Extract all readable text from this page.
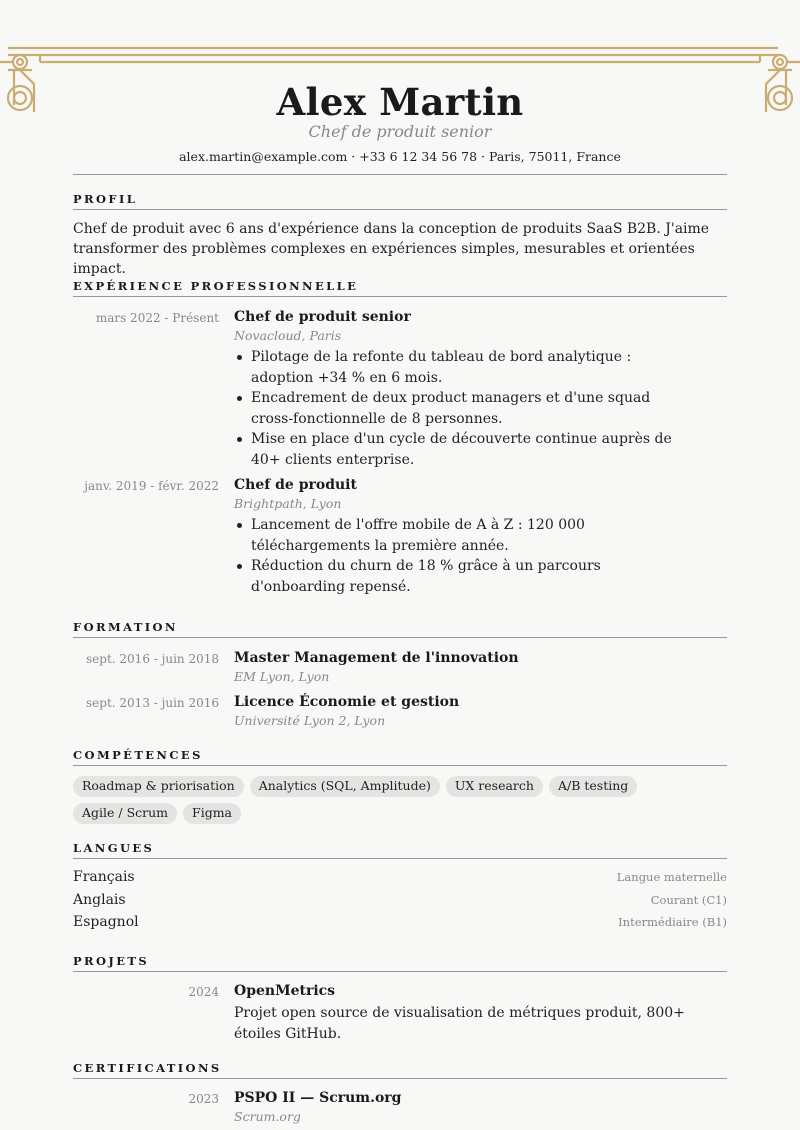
Alex Martin
Chef de produit senior
alex.martin@example.com · +33 6 12 34 56 78 · Paris, 75011, France
PROFIL
Chef de produit avec 6 ans d'expérience dans la conception de produits SaaS B2B. J'aime transformer des problèmes complexes en expériences simples, mesurables et orientées impact.
EXPÉRIENCE PROFESSIONNELLE
mars 2022 - Présent	Chef de produit senior
Novacloud, Paris
Pilotage de la refonte du tableau de bord analytique : adoption +34 % en 6 mois.
Encadrement de deux product managers et d'une squad cross-fonctionnelle de 8 personnes.
Mise en place d'un cycle de découverte continue auprès de 40+ clients enterprise.
janv. 2019 - févr. 2022	Chef de produit
Brightpath, Lyon
Lancement de l'offre mobile de A à Z : 120 000 téléchargements la première année.
Réduction du churn de 18 % grâce à un parcours d'onboarding repensé.
FORMATION
sept. 2016 - juin 2018	Master Management de l'innovation
EM Lyon, Lyon
sept. 2013 - juin 2016	Licence Économie et gestion
Université Lyon 2, Lyon
COMPÉTENCES
Roadmap & priorisation	Analytics (SQL, Amplitude)	UX research	A/B testing
Agile / Scrum	Figma
LANGUES
Français	Langue maternelle
Anglais	Courant (C1)
Espagnol	Intermédiaire (B1)
PROJETS
2024	OpenMetrics
Projet open source de visualisation de métriques produit, 800+ étoiles GitHub.
CERTIFICATIONS
2023	PSPO II — Scrum.org
Scrum.org
